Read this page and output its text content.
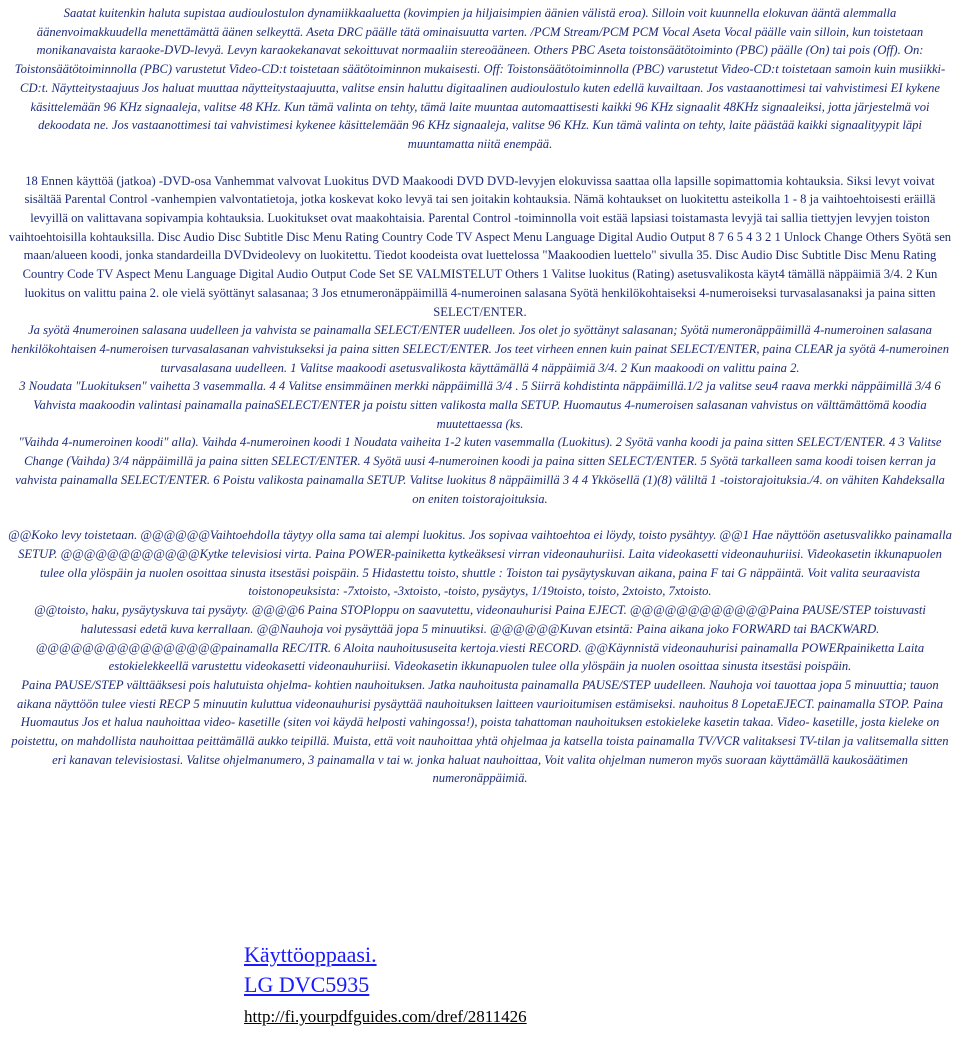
Saatat kuitenkin haluta supistaa audioulostulon dynamiikkaaluetta (kovimpien ja hiljaisimpien äänien välistä eroa). Silloin voit kuunnella elokuvan ääntä alemmalla äänenvoimakkuudella menettämättä äänen selkeyttä. Aseta DRC päälle tätä ominaisuutta varten. /PCM Stream/PCM PCM Vocal Aseta Vocal päälle vain silloin, kun toistetaan monikanavaista karaoke-DVD-levyä. Levyn karaokekanavat sekoittuvat normaaliin stereoääneen. Others PBC Aseta toistonsäätötoiminto (PBC) päälle (On) tai pois (Off). On: Toistonsäätötoiminnolla (PBC) varustetut Video-CD:t toistetaan säätötoiminnon mukaisesti. Off: Toistonsäätötoiminnolla (PBC) varustetut Video-CD:t toistetaan samoin kuin musiikki-CD:t. Näytteitystaajuus Jos haluat muuttaa näytteitystaajuutta, valitse ensin haluttu digitaalinen audioulostulo kuten edellä kuvailtaan. Jos vastaanottimesi tai vahvistimesi EI kykene käsittelemään 96 KHz signaaleja, valitse 48 KHz. Kun tämä valinta on tehty, tämä laite muuntaa automaattisesti kaikki 96 KHz signaalit 48KHz signaaleiksi, jotta järjestelmä voi dekoodata ne. Jos vastaanottimesi tai vahvistimesi kykenee käsittelemään 96 KHz signaaleja, valitse 96 KHz. Kun tämä valinta on tehty, laite päästää kaikki signaalityypit läpi muuntamatta niitä enempää.

18 Ennen käyttöä (jatkoa) -DVD-osa Vanhemmat valvovat Luokitus DVD Maakoodi DVD DVD-levyjen elokuvissa saattaa olla lapsille sopimattomia kohtauksia. Siksi levyt voivat sisältää Parental Control -vanhempien valvontatietoja, jotka koskevat koko levyä tai sen joitakin kohtauksia. Nämä kohtaukset on luokitettu asteikolla 1 - 8 ja vaihtoehtoisesti eräillä levyillä on valittavana sopivampia kohtauksia. Luokitukset ovat maakohtaisia. Parental Control -toiminnolla voit estää lapsiasi toistamasta levyjä tai sallia tiettyjen levyjen toiston vaihtoehtoisilla kohtauksilla. Disc Audio Disc Subtitle Disc Menu Rating Country Code TV Aspect Menu Language Digital Audio Output 8 7 6 5 4 3 2 1 Unlock Change Others Syötä sen maan/alueen koodi, jonka standardeilla DVDvideolevy on luokitettu. Tiedot koodeista ovat luettelossa "Maakoodien luettelo" sivulla 35. Disc Audio Disc Subtitle Disc Menu Rating Country Code TV Aspect Menu Language Digital Audio Output Code Set SE VALMISTELUT Others 1 Valitse luokitus (Rating) asetusvalikosta käyt4 tämällä näppäimiä 3/4. 2 Kun luokitus on valittu paina 2. ole vielä syöttänyt salasanaa; 3 Jos etnumeronäppäimillä 4-numeroinen salasana Syötä henkilökohtaiseksi 4-numeroiseksi turvasalasanaksi ja paina sitten SELECT/ENTER.

Ja syötä 4numeroinen salasana uudelleen ja vahvista se painamalla SELECT/ENTER uudelleen. Jos olet jo syöttänyt salasanan; Syötä numeronäppäimillä 4-numeroinen salasana henkilökohtaisen 4-numeroisen turvasalasanan vahvistukseksi ja paina sitten SELECT/ENTER. Jos teet virheen ennen kuin painat SELECT/ENTER, paina CLEAR ja syötä 4-numeroinen turvasalasana uudelleen. 1 Valitse maakoodi asetusvalikosta käyttämällä 4 näppäimiä 3/4. 2 Kun maakoodi on valittu paina 2.

3 Noudata "Luokituksen" vaihetta 3 vasemmalla. 4 4 Valitse ensimmäinen merkki näppäimillä 3/4 . 5 Siirrä kohdistinta näppäimillä.1/2 ja valitse seu4 raava merkki näppäimillä 3/4 6 Vahvista maakoodin valintasi painamalla painaSELECT/ENTER ja poistu sitten valikosta malla SETUP. Huomautus 4-numeroisen salasanan vahvistus on välttämättömä koodia muutettaessa (ks.

"Vaihda 4-numeroinen koodi" alla). Vaihda 4-numeroinen koodi 1 Noudata vaiheita 1-2 kuten vasemmalla (Luokitus). 2 Syötä vanha koodi ja paina sitten SELECT/ENTER. 4 3 Valitse Change (Vaihda) 3/4 näppäimillä ja paina sitten SELECT/ENTER. 4 Syötä uusi 4-numeroinen koodi ja paina sitten SELECT/ENTER. 5 Syötä tarkalleen sama koodi toisen kerran ja vahvista painamalla SELECT/ENTER. 6 Poistu valikosta painamalla SETUP. Valitse luokitus 8 näppäimillä 3 4 4 Ykkösellä (1)(8) väliltä 1 -toistorajoituksia./4. on vähiten Kahdeksalla on eniten toistorajoituksia.

@@Koko levy toistetaan. @@@@@@Vaihtoehdolla täytyy olla sama tai alempi luokitus. Jos sopivaa vaihtoehtoa ei löydy, toisto pysähtyy. @@1 Hae näyttöön asetusvalikko painamalla SETUP. @@@@@@@@@@@@Kytke televisiosi virta. Paina POWER-painiketta kytkeäksesi virran videonauhuriisi. Laita videokasetti videonauhuriisi. Videokasetin ikkunapuolen tulee olla ylöspäin ja nuolen osoittaa sinusta itsestäsi poispäin. 5 Hidastettu toisto, shuttle : Toiston tai pysäytyskuvan aikana, paina F tai G näppäintä. Voit valita seuraavista toistonopeuksista: -7xtoisto, -3xtoisto, -toisto, pysäytys, 1/19toisto, toisto, 2xtoisto, 7xtoisto.

@@toisto, haku, pysäytyskuva tai pysäyty. @@@@6 Paina STOPloppu on saavutettu, videonauhurisi Paina EJECT. @@@@@@@@@@@@Paina PAUSE/STEP toistuvasti halutessasi edetä kuva kerrallaan. @@Nauhoja voi pysäyttää jopa 5 minuutiksi. @@@@@@Kuvan etsintä: Paina aikana joko FORWARD tai BACKWARD.

@@@@@@@@@@@@@@@@painamalla REC/ITR. 6 Aloita nauhoitususeita kertoja.viesti RECORD. @@Käynnistä videonauhurisi painamalla POWERpainiketta Laita estokielekkeellä varustettu videokasetti videonauhuriisi. Videokasetin ikkunapuolen tulee olla ylöspäin ja nuolen osoittaa sinusta itsestäsi poispäin.

Paina PAUSE/STEP välttääksesi pois halutuista ohjelma- kohtien nauhoituksen. Jatka nauhoitusta painamalla PAUSE/STEP uudelleen. Nauhoja voi tauottaa jopa 5 minuuttia; tauon aikana näyttöön tulee viesti RECP 5 minuutin kuluttua videonauhurisi pysäyttää nauhoituksen laitteen vaurioitumisen estämiseksi. nauhoitus 8 LopetaEJECT. painamalla STOP. Paina Huomautus Jos et halua nauhoittaa video- kasetille (siten voi käydä helposti vahingossa!), poista tahattoman nauhoituksen estokieleke kasetin takaa. Video- kasetille, josta kieleke on poistettu, on mahdollista nauhoittaa peittämällä aukko teipillä. Muista, että voit nauhoittaa yhtä ohjelmaa ja katsella toista painamalla TV/VCR valitaksesi TV-tilan ja valitsemalla sitten eri kanavan televisiostasi. Valitse ohjelmanumero, 3 painamalla v tai w. jonka haluat nauhoittaa, Voit valita ohjelman numeron myös suoraan käyttämällä kaukosäätimen numeronäppäimiä.

Käyttöoppaasi.
LG DVC5935
http://fi.yourpdfguides.com/dref/2811426
